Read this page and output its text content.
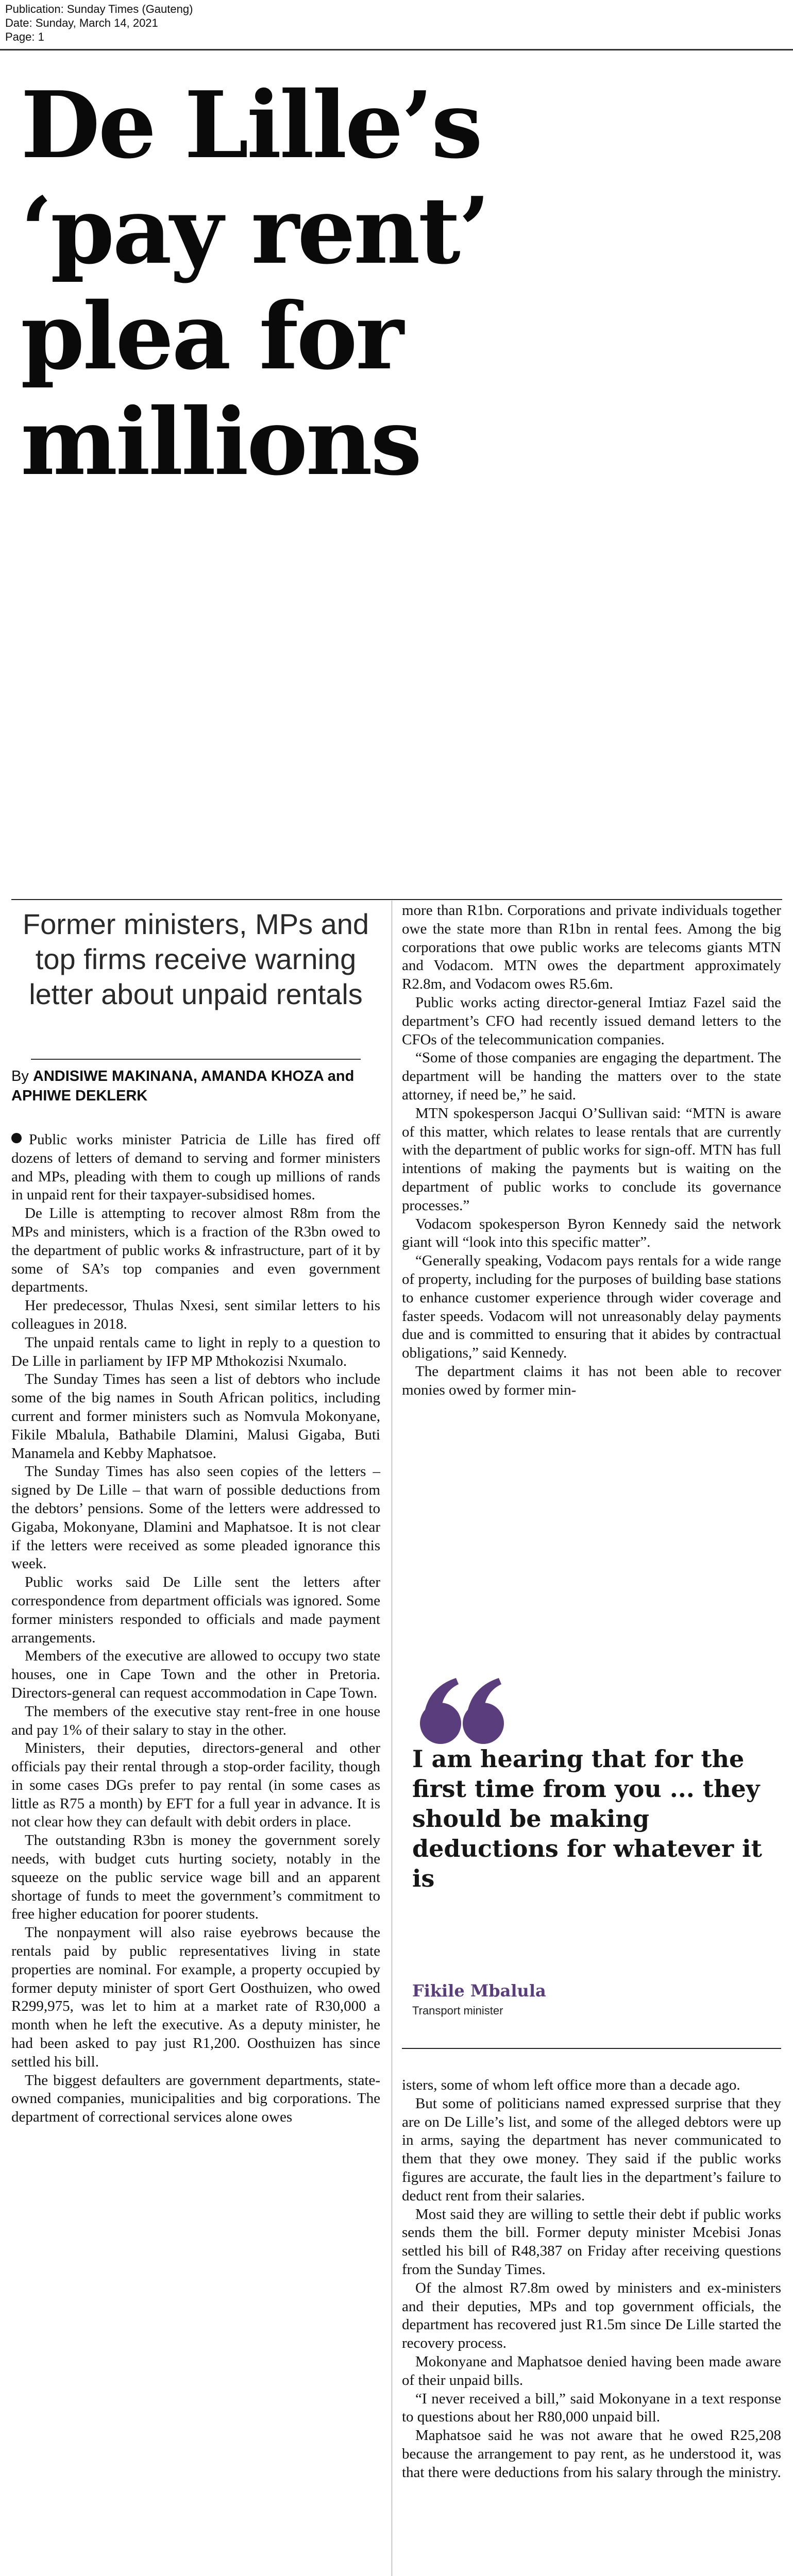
Publication: Sunday Times (Gauteng)
Date: Sunday, March 14, 2021
Page: 1
De Lille’s
‘pay rent’
plea for
millions
Former ministers, MPs and top firms receive warning letter about unpaid rentals
By ANDISIWE MAKINANA, AMANDA KHOZA and APHIWE DEKLERK

Public works minister Patricia de Lille has fired off dozens of letters of demand to serving and former ministers and MPs, pleading with them to cough up millions of rands in unpaid rent for their taxpayer-subsidised homes.

De Lille is attempting to recover almost R8m from the MPs and ministers, which is a fraction of the R3bn owed to the department of public works & infrastructure, part of it by some of SA’s top companies and even government departments.

Her predecessor, Thulas Nxesi, sent similar letters to his colleagues in 2018.

The unpaid rentals came to light in reply to a question to De Lille in parliament by IFP MP Mthokozisi Nxumalo.

The Sunday Times has seen a list of debtors who include some of the big names in South African politics, including current and former ministers such as Nomvula Mokonyane, Fikile Mbalula, Bathabile Dlamini, Malusi Gigaba, Buti Manamela and Kebby Maphatsoe.

The Sunday Times has also seen copies of the letters – signed by De Lille – that warn of possible deductions from the debtors’ pensions. Some of the letters were addressed to Gigaba, Mokonyane, Dlamini and Maphatsoe. It is not clear if the letters were received as some pleaded ignorance this week.

Public works said De Lille sent the letters after correspondence from department officials was ignored. Some former ministers responded to officials and made payment arrangements.

Members of the executive are allowed to occupy two state houses, one in Cape Town and the other in Pretoria. Directors-general can request accommodation in Cape Town.

The members of the executive stay rent-free in one house and pay 1% of their salary to stay in the other.

Ministers, their deputies, directors-general and other officials pay their rental through a stop-order facility, though in some cases DGs prefer to pay rental (in some cases as little as R75 a month) by EFT for a full year in advance. It is not clear how they can default with debit orders in place.

The outstanding R3bn is money the government sorely needs, with budget cuts hurting society, notably in the squeeze on the public service wage bill and an apparent shortage of funds to meet the government’s commitment to free higher education for poorer students.

The nonpayment will also raise eyebrows because the rentals paid by public representatives living in state properties are nominal. For example, a property occupied by former deputy minister of sport Gert Oosthuizen, who owed R299,975, was let to him at a market rate of R30,000 a month when he left the executive. As a deputy minister, he had been asked to pay just R1,200. Oosthuizen has since settled his bill.

The biggest defaulters are government departments, state-owned companies, municipalities and big corporations. The department of correctional services alone owes

more than R1bn. Corporations and private individuals together owe the state more than R1bn in rental fees. Among the big corporations that owe public works are telecoms giants MTN and Vodacom. MTN owes the department approximately R2.8m, and Vodacom owes R5.6m.

Public works acting director-general Imtiaz Fazel said the department’s CFO had recently issued demand letters to the CFOs of the telecommunication companies.

“Some of those companies are engaging the department. The department will be handing the matters over to the state attorney, if need be,” he said.

MTN spokesperson Jacqui O’Sullivan said: “MTN is aware of this matter, which relates to lease rentals that are currently with the department of public works for sign-off. MTN has full intentions of making the payments but is waiting on the department of public works to conclude its governance processes.”

Vodacom spokesperson Byron Kennedy said the network giant will “look into this specific matter”.

“Generally speaking, Vodacom pays rentals for a wide range of property, including for the purposes of building base stations to enhance customer experience through wider coverage and faster speeds. Vodacom will not unreasonably delay payments due and is committed to ensuring that it abides by contractual obligations,” said Kennedy.

The department claims it has not been able to recover monies owed by former min-

I am hearing that for the first time from you ... they should be making deductions for whatever it is

Fikile Mbalula
Transport minister

isters, some of whom left office more than a decade ago.

But some of politicians named expressed surprise that they are on De Lille’s list, and some of the alleged debtors were up in arms, saying the department has never communicated to them that they owe money. They said if the public works figures are accurate, the fault lies in the department’s failure to deduct rent from their salaries.

Most said they are willing to settle their debt if public works sends them the bill. Former deputy minister Mcebisi Jonas settled his bill of R48,387 on Friday after receiving questions from the Sunday Times.

Of the almost R7.8m owed by ministers and ex-ministers and their deputies, MPs and top government officials, the department has recovered just R1.5m since De Lille started the recovery process.

Mokonyane and Maphatsoe denied having been made aware of their unpaid bills.

“I never received a bill,” said Mokonyane in a text response to questions about her R80,000 unpaid bill.

Maphatsoe said he was not aware that he owed R25,208 because the arrangement to pay rent, as he understood it, was that there were deductions from his salary through the ministry.
